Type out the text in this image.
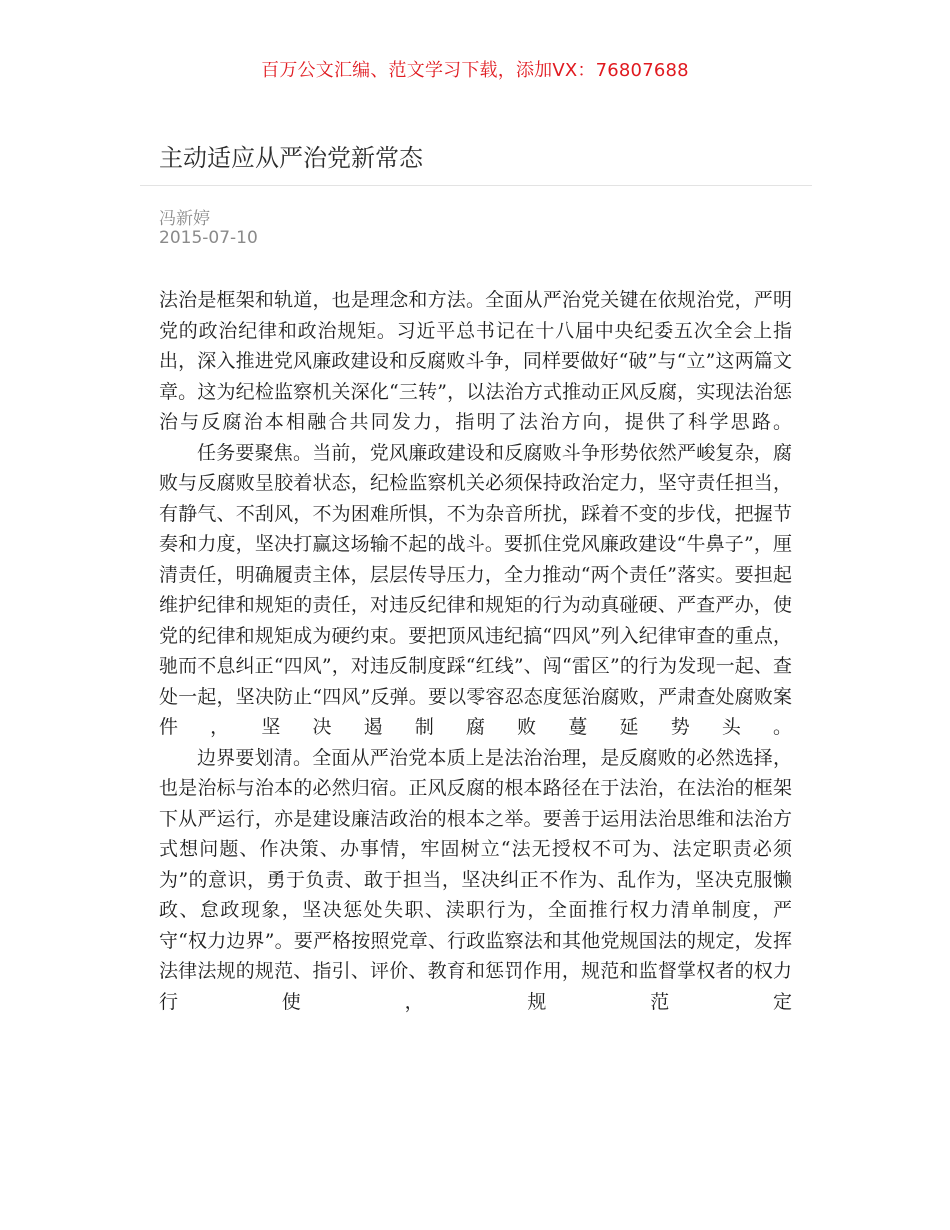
百万公文汇编、范文学习下载，添加VX：76807688
主动适应从严治党新常态
冯新婷
2015-07-10

法治是框架和轨道，也是理念和方法。全面从严治党关键在依规治党，严明党的政治纪律和政治规矩。习近平总书记在十八届中央纪委五次全会上指出，深入推进党风廉政建设和反腐败斗争，同样要做好“破”与“立”这两篇文章。这为纪检监察机关深化“三转”，以法治方式推动正风反腐，实现法治惩治与反腐治本相融合共同发力，指明了法治方向，提供了科学思路。

任务要聚焦。当前，党风廉政建设和反腐败斗争形势依然严峻复杂，腐败与反腐败呈胶着状态，纪检监察机关必须保持政治定力，坚守责任担当，有静气、不刮风，不为困难所惧，不为杂音所扰，踩着不变的步伐，把握节奏和力度，坚决打赢这场输不起的战斗。要抓住党风廉政建设“牛鼻子”，厘清责任，明确履责主体，层层传导压力，全力推动“两个责任”落实。要担起维护纪律和规矩的责任，对违反纪律和规矩的行为动真碰硬、严查严办，使党的纪律和规矩成为硬约束。要把顶风违纪搞“四风”列入纪律审查的重点，驰而不息纠正“四风”，对违反制度踩“红线”、闯“雷区”的行为发现一起、查处一起，坚决防止“四风”反弹。要以零容忍态度惩治腐败，严肃查处腐败案件，坚决遏制腐败蔓延势头。

边界要划清。全面从严治党本质上是法治治理，是反腐败的必然选择，也是治标与治本的必然归宿。正风反腐的根本路径在于法治，在法治的框架下从严运行，亦是建设廉洁政治的根本之举。要善于运用法治思维和法治方式想问题、作决策、办事情，牢固树立“法无授权不可为、法定职责必须为”的意识，勇于负责、敢于担当，坚决纠正不作为、乱作为，坚决克服懒政、怠政现象，坚决惩处失职、渎职行为，全面推行权力清单制度，严守“权力边界”。要严格按照党章、行政监察法和其他党规国法的规定，发挥法律法规的规范、指引、评价、教育和惩罚作用，规范和监督掌权者的权力行使，规范定
